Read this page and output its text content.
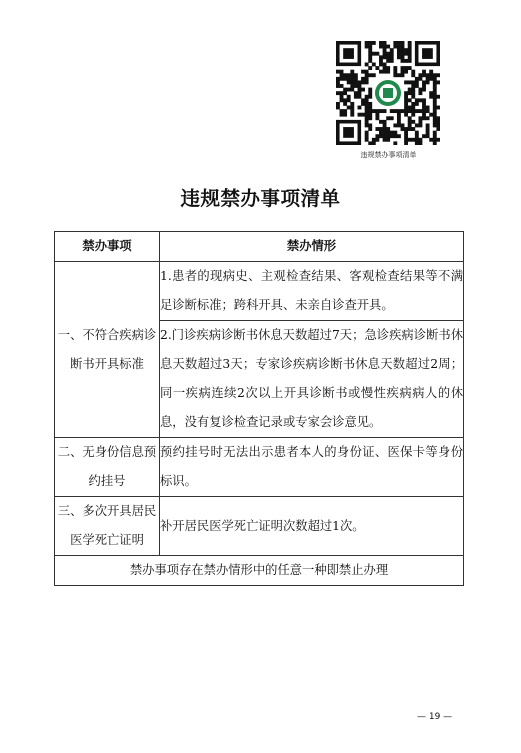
违规禁办事项清单
违规禁办事项清单
禁办事项	禁办情形
一、不符合疾病诊断书开具标准	1.患者的现病史、主观检查结果、客观检查结果等不满足诊断标准；跨科开具、未亲自诊查开具。
	2.门诊疾病诊断书休息天数超过7天；急诊疾病诊断书休息天数超过3天；专家诊疾病诊断书休息天数超过2周；同一疾病连续2次以上开具诊断书或慢性疾病病人的休息，没有复诊检查记录或专家会诊意见。
二、无身份信息预约挂号	预约挂号时无法出示患者本人的身份证、医保卡等身份标识。
三、多次开具居民医学死亡证明	补开居民医学死亡证明次数超过1次。
禁办事项存在禁办情形中的任意一种即禁止办理	
— 19 —
